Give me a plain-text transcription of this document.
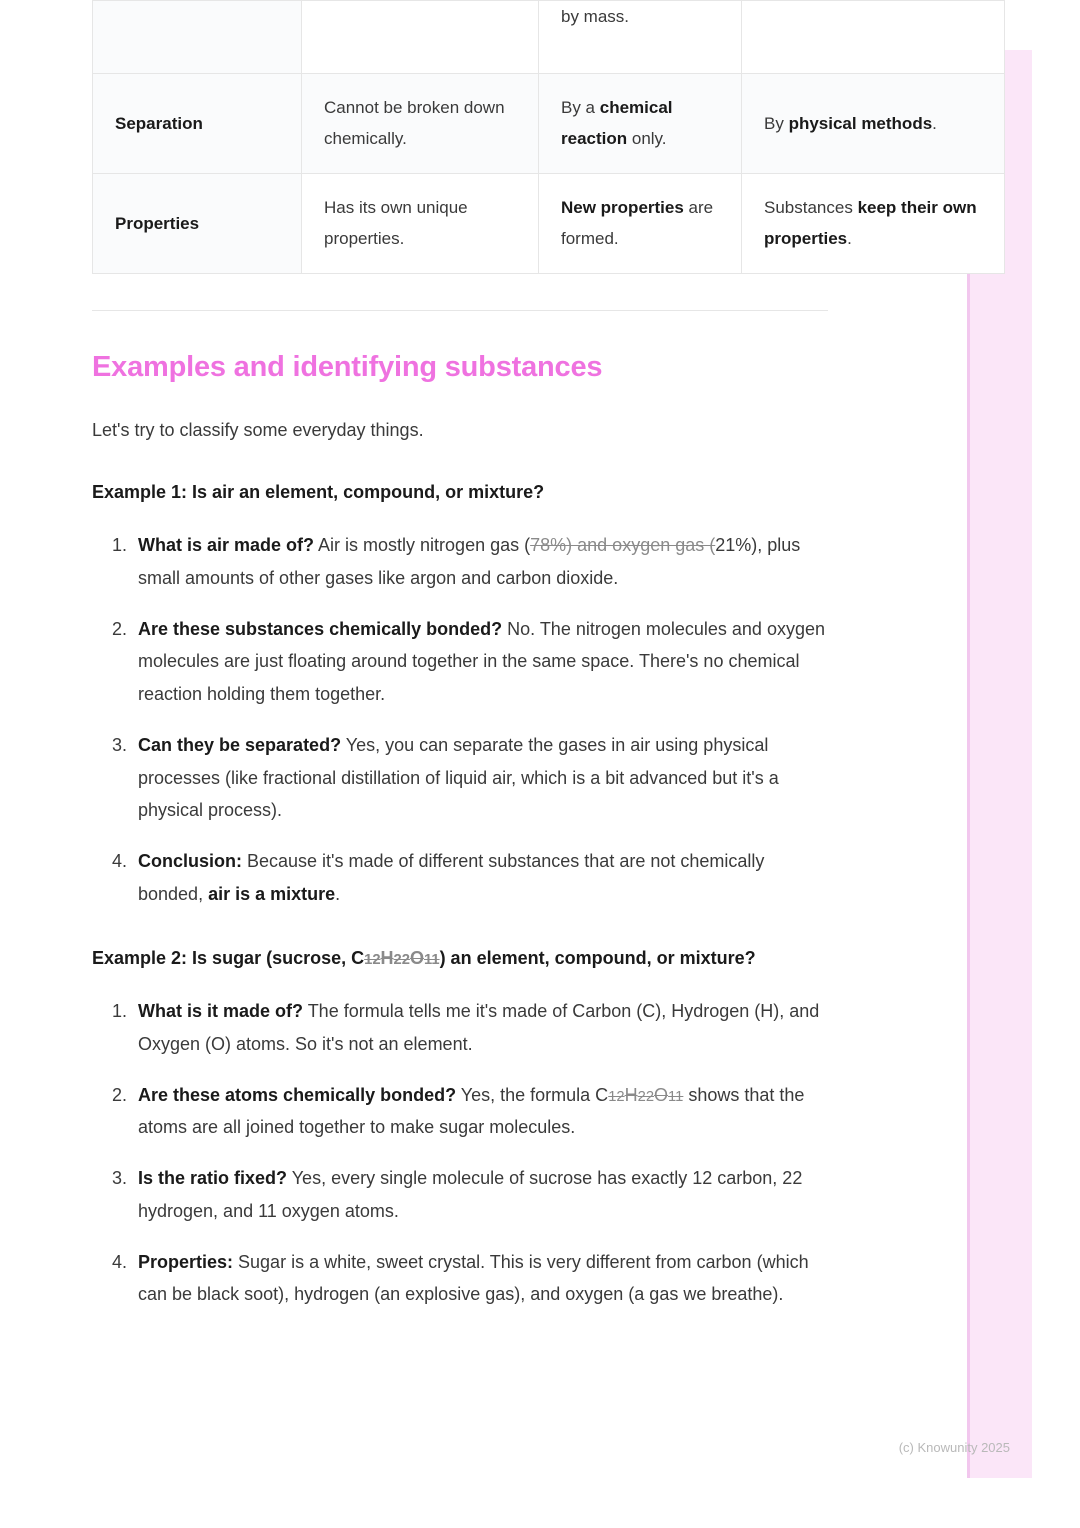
		by mass.	
Separation	Cannot be broken down chemically.	By a chemical reaction only.	By physical methods.
Properties	Has its own unique properties.	New properties are formed.	Substances keep their own properties.
Examples and identifying substances

Let's try to classify some everyday things.

Example 1: Is air an element, compound, or mixture?

1. What is air made of? Air is mostly nitrogen gas (78%) and oxygen gas (21%), plus small amounts of other gases like argon and carbon dioxide.
2. Are these substances chemically bonded? No. The nitrogen molecules and oxygen molecules are just floating around together in the same space. There's no chemical reaction holding them together.
3. Can they be separated? Yes, you can separate the gases in air using physical processes (like fractional distillation of liquid air, which is a bit advanced but it's a physical process).
4. Conclusion: Because it's made of different substances that are not chemically bonded, air is a mixture.

Example 2: Is sugar (sucrose, C12H22O11) an element, compound, or mixture?

1. What is it made of? The formula tells me it's made of Carbon (C), Hydrogen (H), and Oxygen (O) atoms. So it's not an element.
2. Are these atoms chemically bonded? Yes, the formula C12H22O11 shows that the atoms are all joined together to make sugar molecules.
3. Is the ratio fixed? Yes, every single molecule of sucrose has exactly 12 carbon, 22 hydrogen, and 11 oxygen atoms.
4. Properties: Sugar is a white, sweet crystal. This is very different from carbon (which can be black soot), hydrogen (an explosive gas), and oxygen (a gas we breathe).
(c) Knowunity 2025
